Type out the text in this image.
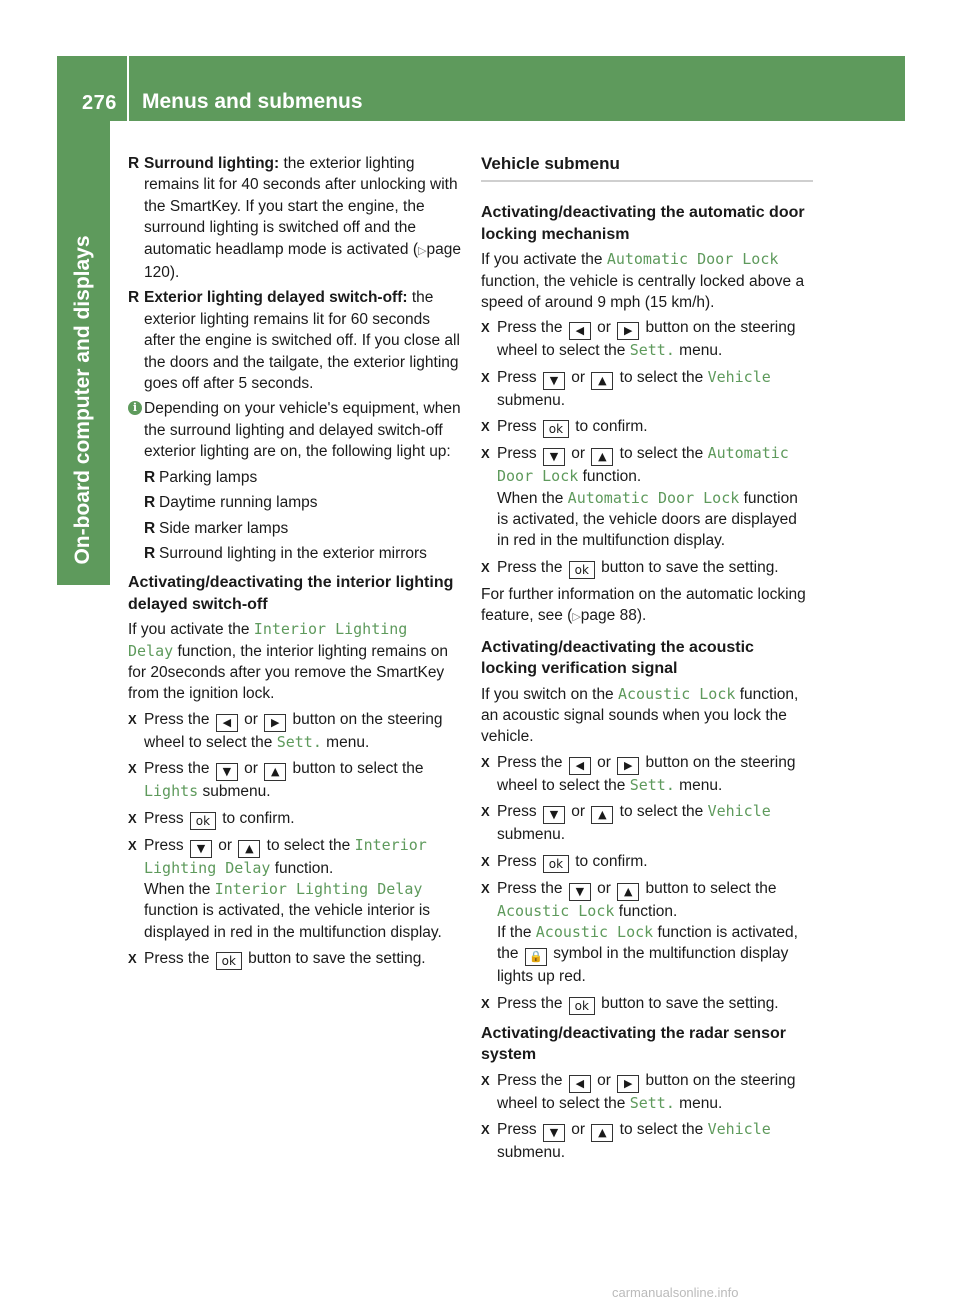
276 Menus and submenus
On-board computer and displays
R Surround lighting: the exterior lighting remains lit for 40 seconds after unlocking with the SmartKey. If you start the engine, the surround lighting is switched off and the automatic headlamp mode is activated (▷page 120).
R Exterior lighting delayed switch-off: the exterior lighting remains lit for 60 seconds after the engine is switched off. If you close all the doors and the tailgate, the exterior lighting goes off after 5 seconds.
i Depending on your vehicle's equipment, when the surround lighting and delayed switch-off exterior lighting are on, the following light up:
R Parking lamps
R Daytime running lamps
R Side marker lamps
R Surround lighting in the exterior mirrors
Activating/deactivating the interior lighting delayed switch-off
If you activate the Interior Lighting Delay function, the interior lighting remains on for 20seconds after you remove the SmartKey from the ignition lock.
X Press the ◀ or ▶ button on the steering wheel to select the Sett. menu.
X Press the ▼ or ▲ button to select the Lights submenu.
X Press ok to confirm.
X Press ▼ or ▲ to select the Interior Lighting Delay function.
When the Interior Lighting Delay function is activated, the vehicle interior is displayed in red in the multifunction display.
X Press the ok button to save the setting.
Vehicle submenu
Activating/deactivating the automatic door locking mechanism
If you activate the Automatic Door Lock function, the vehicle is centrally locked above a speed of around 9 mph (15 km/h).
X Press the ◀ or ▶ button on the steering wheel to select the Sett. menu.
X Press ▼ or ▲ to select the Vehicle submenu.
X Press ok to confirm.
X Press ▼ or ▲ to select the Automatic Door Lock function.
When the Automatic Door Lock function is activated, the vehicle doors are displayed in red in the multifunction display.
X Press the ok button to save the setting.
For further information on the automatic locking feature, see (▷page 88).
Activating/deactivating the acoustic locking verification signal
If you switch on the Acoustic Lock function, an acoustic signal sounds when you lock the vehicle.
X Press the ◀ or ▶ button on the steering wheel to select the Sett. menu.
X Press ▼ or ▲ to select the Vehicle submenu.
X Press ok to confirm.
X Press the ▼ or ▲ button to select the Acoustic Lock function.
If the Acoustic Lock function is activated, the 🔒 symbol in the multifunction display lights up red.
X Press the ok button to save the setting.
Activating/deactivating the radar sensor system
X Press the ◀ or ▶ button on the steering wheel to select the Sett. menu.
X Press ▼ or ▲ to select the Vehicle submenu.
carmanualsonline.info
